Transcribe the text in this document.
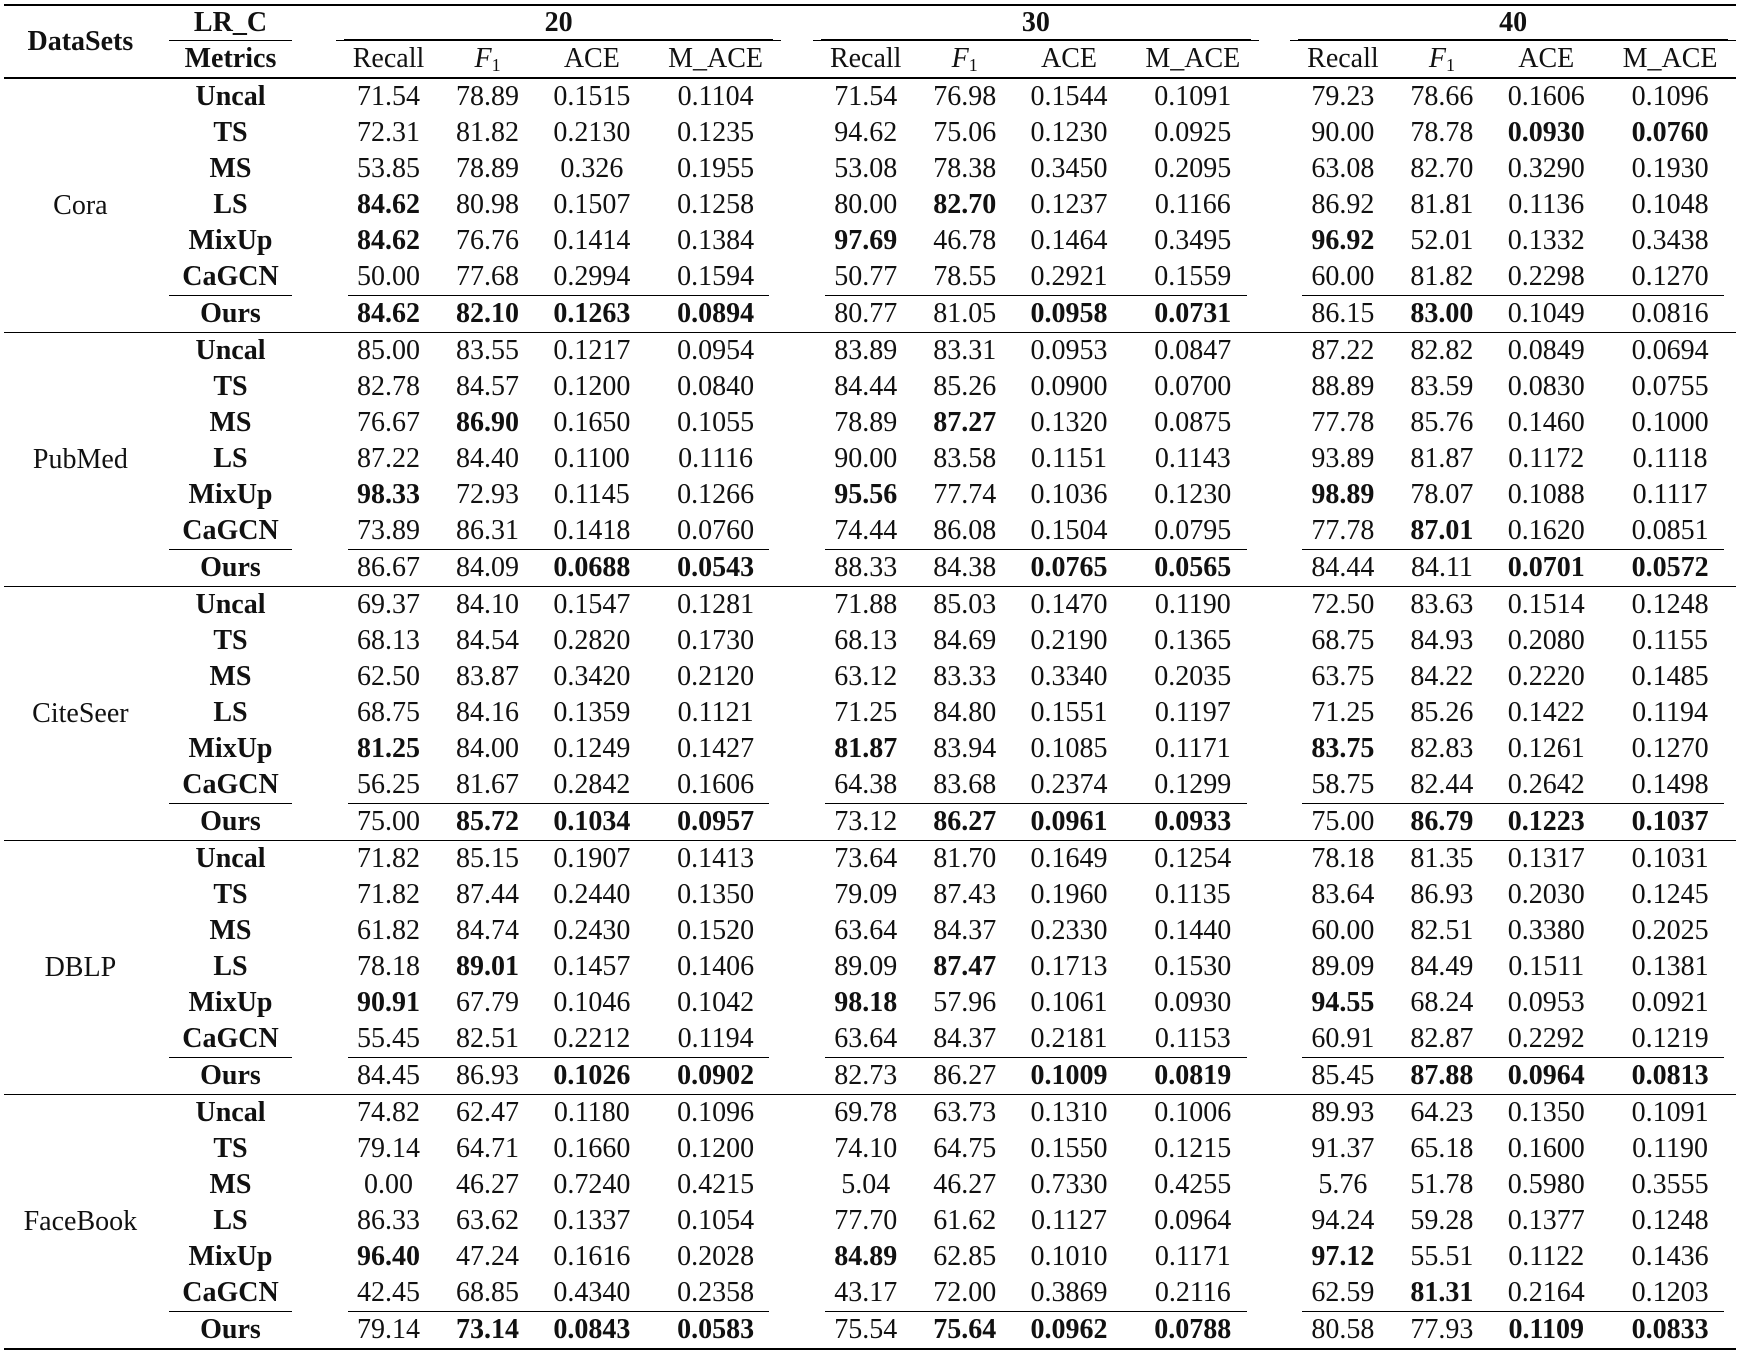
DataSets	LR_C		20					30					40			

	Metrics		Recall	$F_1$	ACE	M_ACE		Recall	$F_1$	ACE	M_ACE		Recall	$F_1$	ACE	M_ACE
Cora	Uncal		71.54	78.89	0.1515	0.1104		71.54	76.98	0.1544	0.1091		79.23	78.66	0.1606	0.1096
	TS		72.31	81.82	0.2130	0.1235		94.62	75.06	0.1230	0.0925		90.00	78.78	0.0930	0.0760
	MS		53.85	78.89	0.326	0.1955		53.08	78.38	0.3450	0.2095		63.08	82.70	0.3290	0.1930
	LS		84.62	80.98	0.1507	0.1258		80.00	82.70	0.1237	0.1166		86.92	81.81	0.1136	0.1048
	MixUp		84.62	76.76	0.1414	0.1384		97.69	46.78	0.1464	0.3495		96.92	52.01	0.1332	0.3438
	CaGCN		50.00	77.68	0.2994	0.1594		50.77	78.55	0.2921	0.1559		60.00	81.82	0.2298	0.1270

	Ours		84.62	82.10	0.1263	0.0894		80.77	81.05	0.0958	0.0731		86.15	83.00	0.1049	0.0816

PubMed	Uncal		85.00	83.55	0.1217	0.0954		83.89	83.31	0.0953	0.0847		87.22	82.82	0.0849	0.0694
	TS		82.78	84.57	0.1200	0.0840		84.44	85.26	0.0900	0.0700		88.89	83.59	0.0830	0.0755
	MS		76.67	86.90	0.1650	0.1055		78.89	87.27	0.1320	0.0875		77.78	85.76	0.1460	0.1000
	LS		87.22	84.40	0.1100	0.1116		90.00	83.58	0.1151	0.1143		93.89	81.87	0.1172	0.1118
	MixUp		98.33	72.93	0.1145	0.1266		95.56	77.74	0.1036	0.1230		98.89	78.07	0.1088	0.1117
	CaGCN		73.89	86.31	0.1418	0.0760		74.44	86.08	0.1504	0.0795		77.78	87.01	0.1620	0.0851

	Ours		86.67	84.09	0.0688	0.0543		88.33	84.38	0.0765	0.0565		84.44	84.11	0.0701	0.0572

CiteSeer	Uncal		69.37	84.10	0.1547	0.1281		71.88	85.03	0.1470	0.1190		72.50	83.63	0.1514	0.1248
	TS		68.13	84.54	0.2820	0.1730		68.13	84.69	0.2190	0.1365		68.75	84.93	0.2080	0.1155
	MS		62.50	83.87	0.3420	0.2120		63.12	83.33	0.3340	0.2035		63.75	84.22	0.2220	0.1485
	LS		68.75	84.16	0.1359	0.1121		71.25	84.80	0.1551	0.1197		71.25	85.26	0.1422	0.1194
	MixUp		81.25	84.00	0.1249	0.1427		81.87	83.94	0.1085	0.1171		83.75	82.83	0.1261	0.1270
	CaGCN		56.25	81.67	0.2842	0.1606		64.38	83.68	0.2374	0.1299		58.75	82.44	0.2642	0.1498

	Ours		75.00	85.72	0.1034	0.0957		73.12	86.27	0.0961	0.0933		75.00	86.79	0.1223	0.1037

DBLP	Uncal		71.82	85.15	0.1907	0.1413		73.64	81.70	0.1649	0.1254		78.18	81.35	0.1317	0.1031
	TS		71.82	87.44	0.2440	0.1350		79.09	87.43	0.1960	0.1135		83.64	86.93	0.2030	0.1245
	MS		61.82	84.74	0.2430	0.1520		63.64	84.37	0.2330	0.1440		60.00	82.51	0.3380	0.2025
	LS		78.18	89.01	0.1457	0.1406		89.09	87.47	0.1713	0.1530		89.09	84.49	0.1511	0.1381
	MixUp		90.91	67.79	0.1046	0.1042		98.18	57.96	0.1061	0.0930		94.55	68.24	0.0953	0.0921
	CaGCN		55.45	82.51	0.2212	0.1194		63.64	84.37	0.2181	0.1153		60.91	82.87	0.2292	0.1219

	Ours		84.45	86.93	0.1026	0.0902		82.73	86.27	0.1009	0.0819		85.45	87.88	0.0964	0.0813

FaceBook	Uncal		74.82	62.47	0.1180	0.1096		69.78	63.73	0.1310	0.1006		89.93	64.23	0.1350	0.1091
	TS		79.14	64.71	0.1660	0.1200		74.10	64.75	0.1550	0.1215		91.37	65.18	0.1600	0.1190
	MS		0.00	46.27	0.7240	0.4215		5.04	46.27	0.7330	0.4255		5.76	51.78	0.5980	0.3555
	LS		86.33	63.62	0.1337	0.1054		77.70	61.62	0.1127	0.0964		94.24	59.28	0.1377	0.1248
	MixUp		96.40	47.24	0.1616	0.2028		84.89	62.85	0.1010	0.1171		97.12	55.51	0.1122	0.1436
	CaGCN		42.45	68.85	0.4340	0.2358		43.17	72.00	0.3869	0.2116		62.59	81.31	0.2164	0.1203

	Ours		79.14	73.14	0.0843	0.0583		75.54	75.64	0.0962	0.0788		80.58	77.93	0.1109	0.0833
